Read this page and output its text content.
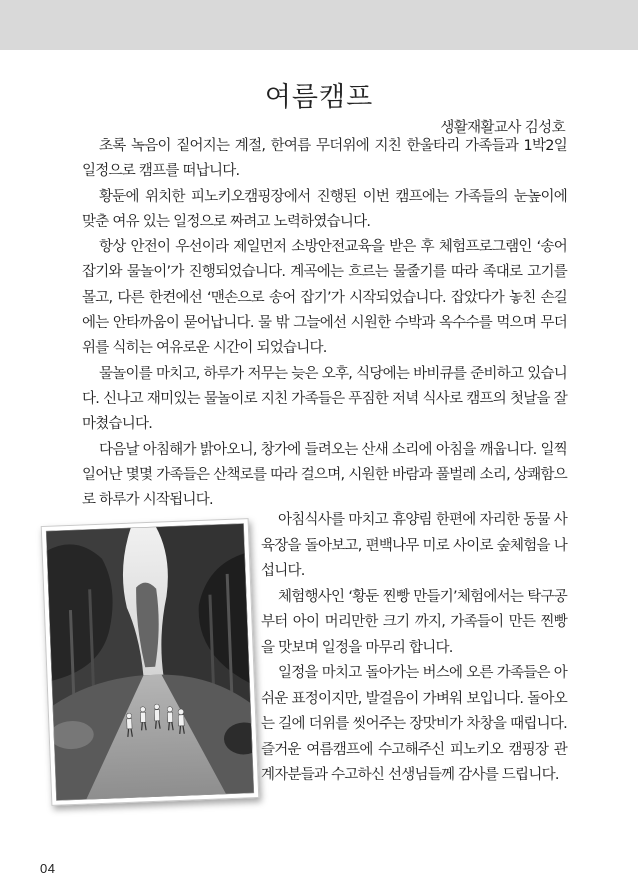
여름캠프
생활재활교사 김성호

초록 녹음이 짙어지는 계절, 한여름 무더위에 지친 한울타리 가족들과 1박2일 일정으로 캠프를 떠납니다.

황둔에 위치한 피노키오캠핑장에서 진행된 이번 캠프에는 가족들의 눈높이에 맞춘 여유 있는 일정으로 짜려고 노력하였습니다.

항상 안전이 우선이라 제일먼저 소방안전교육을 받은 후 체험프로그램인 ‘송어잡기와 물놀이’가 진행되었습니다. 계곡에는 흐르는 물줄기를 따라 족대로 고기를 몰고, 다른 한켠에선 ‘맨손으로 송어 잡기’가 시작되었습니다. 잡았다가 놓친 손길에는 안타까움이 묻어납니다. 물 밖 그늘에선 시원한 수박과 옥수수를 먹으며 무더위를 식히는 여유로운 시간이 되었습니다.

물놀이를 마치고, 하루가 저무는 늦은 오후, 식당에는 바비큐를 준비하고 있습니다. 신나고 재미있는 물놀이로 지친 가족들은 푸짐한 저녁 식사로 캠프의 첫날을 잘 마쳤습니다.

다음날 아침해가 밝아오니, 창가에 들려오는 산새 소리에 아침을 깨웁니다. 일찍 일어난 몇몇 가족들은 산책로를 따라 걸으며, 시원한 바람과 풀벌레 소리, 상쾌함으로 하루가 시작됩니다.

아침식사를 마치고 휴양림 한편에 자리한 동물 사육장을 돌아보고, 편백나무 미로 사이로 숲체험을 나섭니다.

체험행사인 ‘황둔 찐빵 만들기’체험에서는 탁구공부터 아이 머리만한 크기 까지, 가족들이 만든 찐빵을 맛보며 일정을 마무리 합니다.

일정을 마치고 돌아가는 버스에 오른 가족들은 아쉬운 표정이지만, 발걸음이 가벼워 보입니다. 돌아오는 길에 더위를 씻어주는 장맛비가 차창을 때립니다. 즐거운 여름캠프에 수고해주신 피노키오 캠핑장 관계자분들과 수고하신 선생님들께 감사를 드립니다.

04
